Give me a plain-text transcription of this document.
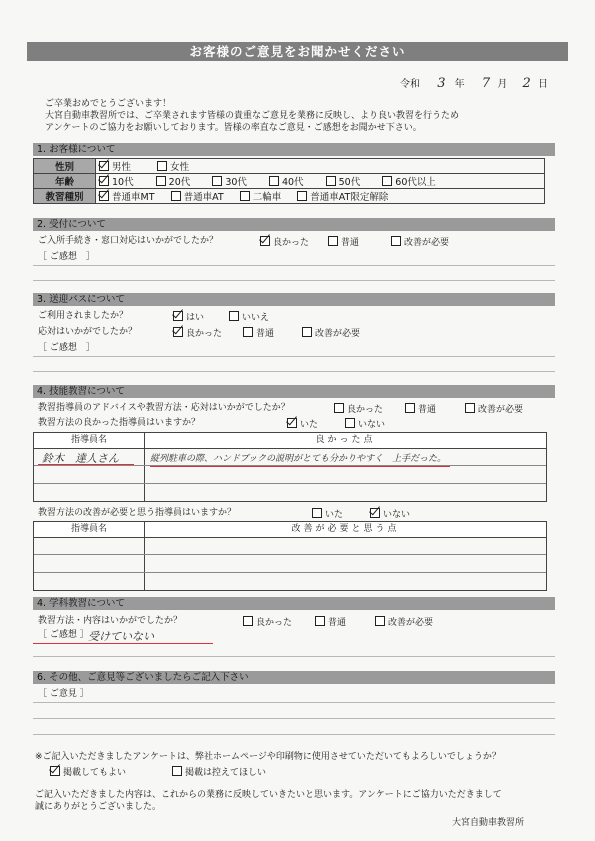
お客様のご意見をお聞かせください
令和 3 年 7 月 2 日
ご卒業おめでとうございます！
大宮自動車教習所では、ご卒業されます皆様の貴重なご意見を業務に反映し、より良い教習を行うため
アンケートのご協力をお願いしております。皆様の率直なご意見・ご感想をお聞かせ下さい。
1. お客様について
性別	男性 女性
年齢	10代 20代 30代 40代 50代 60代以上
教習種別	普通車MT 普通車AT 二輪車 普通車AT限定解除
2. 受付について
ご入所手続き・窓口対応はいかがでしたか？	良かった	普通	改善が必要
［ ご感想　］
3. 送迎バスについて
ご利用されましたか？	はい	いいえ
応対はいかがでしたか？	良かった	普通	改善が必要
［ ご感想　］
4. 技能教習について
教習指導員のアドバイスや教習方法・応対はいかがでしたか？	良かった	普通	改善が必要
教習方法の良かった指導員はいますか？	いた	いない
指導員名	良かった点
鈴木　達人さん	縦列駐車の際、ハンドブックの説明がとても分かりやすく　上手だった。
教習方法の改善が必要と思う指導員はいますか？	いた	いない
指導員名	改善が必要と思う点
4. 学科教習について
教習方法・内容はいかがでしたか？	良かった	普通	改善が必要
［ ご感想 ］ 受けていない
6. その他、ご意見等ございましたらご記入下さい
［ ご意見 ］
※ご記入いただきましたアンケートは、弊社ホームページや印刷物に使用させていただいてもよろしいでしょうか？
掲載してもよい	掲載は控えてほしい
ご記入いただきました内容は、これからの業務に反映していきたいと思います。アンケートにご協力いただきまして
誠にありがとうございました。
大宮自動車教習所
